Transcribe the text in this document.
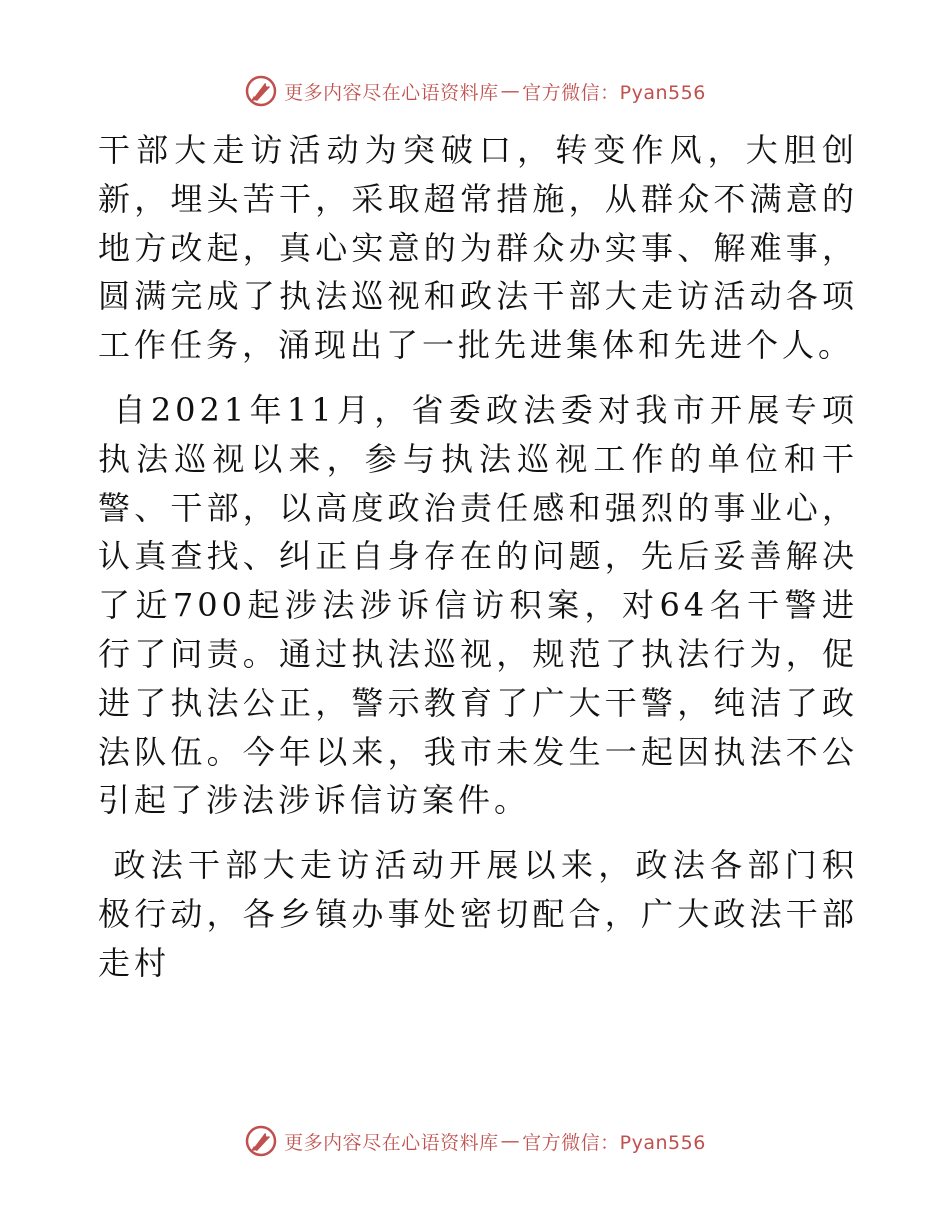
更多内容尽在心语资料库 — 官方微信：Pyan556

干部大走访活动为突破口，转变作风，大胆创新，埋头苦干，采取超常措施，从群众不满意的地方改起，真心实意的为群众办实事、解难事，圆满完成了执法巡视和政法干部大走访活动各项工作任务，涌现出了一批先进集体和先进个人。

自2021年11月，省委政法委对我市开展专项执法巡视以来，参与执法巡视工作的单位和干警、干部，以高度政治责任感和强烈的事业心，认真查找、纠正自身存在的问题，先后妥善解决了近700起涉法涉诉信访积案，对64名干警进行了问责。通过执法巡视，规范了执法行为，促进了执法公正，警示教育了广大干警，纯洁了政法队伍。今年以来，我市未发生一起因执法不公引起了涉法涉诉信访案件。

政法干部大走访活动开展以来，政法各部门积极行动，各乡镇办事处密切配合，广大政法干部走村

更多内容尽在心语资料库 — 官方微信：Pyan556
